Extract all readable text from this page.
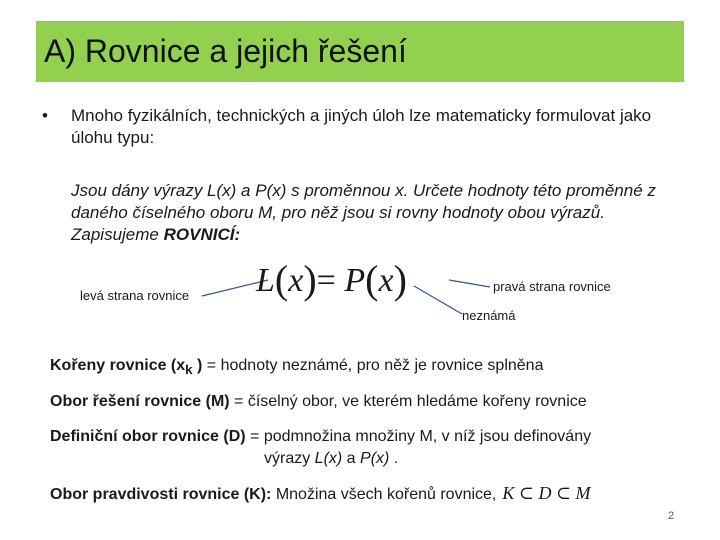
A) Rovnice a jejich řešení
• Mnoho fyzikálních, technických a jiných úloh lze matematicky formulovat jako úlohu typu:
Jsou dány výrazy L(x) a P(x) s proměnnou x. Určete hodnoty této proměnné z daného číselného oboru M, pro něž jsou si rovny hodnoty obou výrazů. Zapisujeme ROVNICÍ:
levá strana rovnice L(x)= P(x)	pravá strana rovnice
neznámá
Kořeny rovnice ($x_k$ ) = hodnoty neznámé, pro něž je rovnice splněna
Obor řešení rovnice (M) = číselný obor, ve kterém hledáme kořeny rovnice
Definiční obor rovnice (D) = podmnožina množiny M, v níž jsou definovány
výrazy L(x) a P(x) .
Obor pravdivosti rovnice (K): Množina všech kořenů rovnice, K ⊂ D ⊂ M
2
